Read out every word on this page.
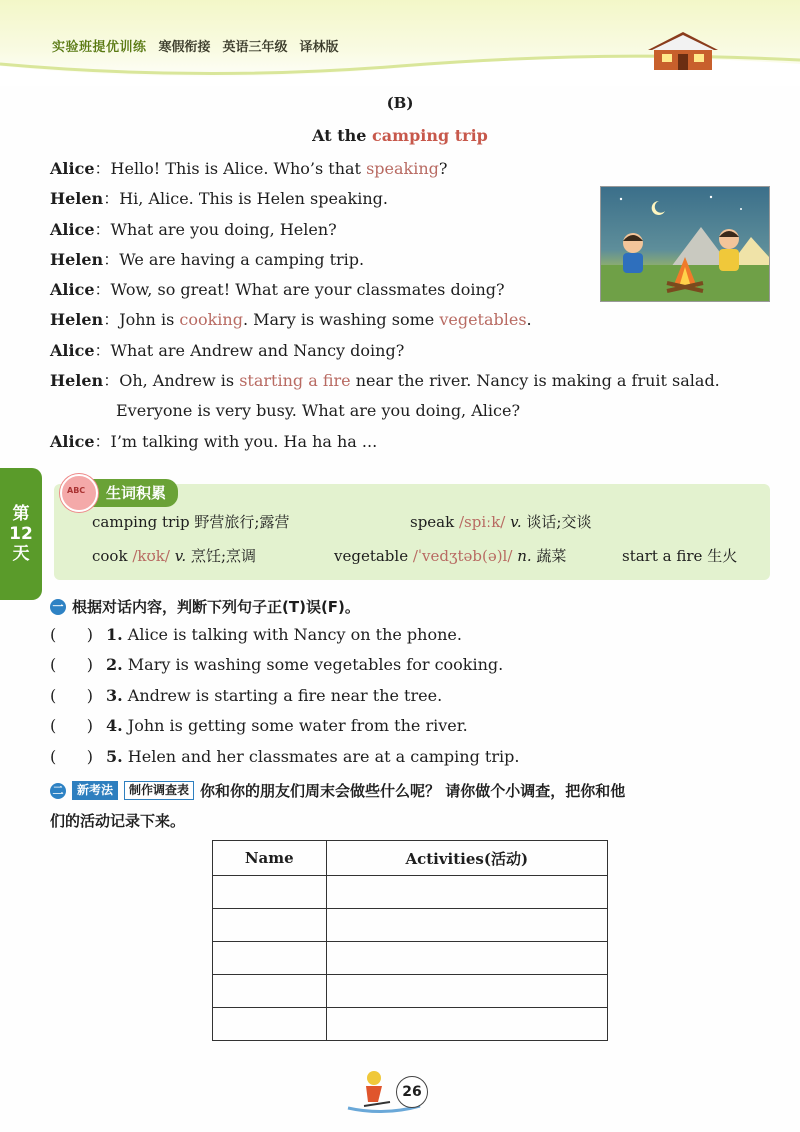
实验班提优训练 寒假衔接 英语三年级 译林版
(B)
At the camping trip
Alice：Hello! This is Alice. Who’s that speaking?
Helen：Hi, Alice. This is Helen speaking.
Alice：What are you doing, Helen?
Helen：We are having a camping trip.
Alice：Wow, so great! What are your classmates doing?
Helen：John is cooking. Mary is washing some vegetables.
Alice：What are Andrew and Nancy doing?
Helen：Oh, Andrew is starting a fire near the river. Nancy is making a fruit salad.
Everyone is very busy. What are you doing, Alice?
Alice：I’m talking with you. Ha ha ha ...
第
12
天
ABC	生词积累
camping trip 野营旅行;露营	speak /spiːk/ v. 谈话;交谈
cook /kʊk/ v. 烹饪;烹调	vegetable /ˈvedʒtəb(ə)l/ n. 蔬菜	start a fire 生火
一 根据对话内容，判断下列句子正(T)误(F)。
(      ) 1. Alice is talking with Nancy on the phone.
(      ) 2. Mary is washing some vegetables for cooking.
(      ) 3. Andrew is starting a fire near the tree.
(      ) 4. John is getting some water from the river.
(      ) 5. Helen and her classmates are at a camping trip.
二	新考法	制作调查表 你和你的朋友们周末会做些什么呢？ 请你做个小调查，把你和他
们的活动记录下来。
Name	Activities(活动)

26
